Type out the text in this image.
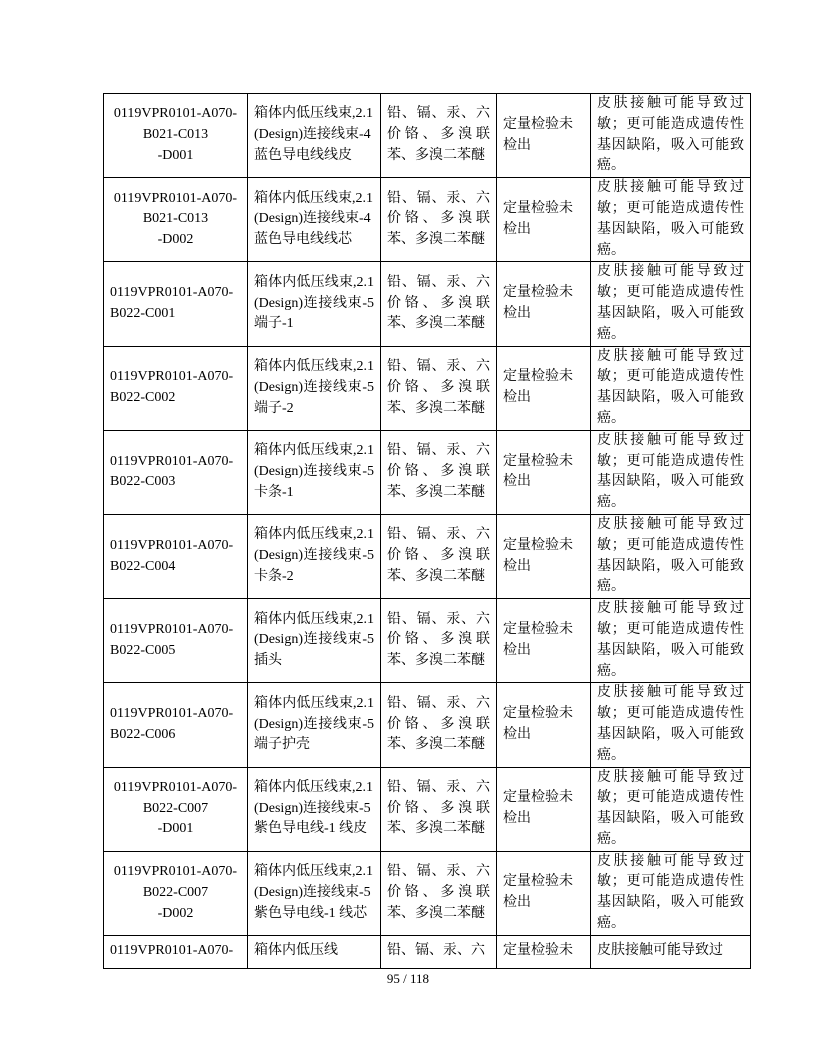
0119VPR0101-A070-
B021-C013
-D001	箱体内低压线束,2.1 (Design)连接线束-4 蓝色导电线线皮	铅、镉、汞、六价铬、多溴联苯、多溴二苯醚	定量检验未检出	皮肤接触可能导致过敏；更可能造成遗传性基因缺陷，吸入可能致癌。

0119VPR0101-A070-
B021-C013
-D002	箱体内低压线束,2.1 (Design)连接线束-4 蓝色导电线线芯	铅、镉、汞、六价铬、多溴联苯、多溴二苯醚	定量检验未检出	皮肤接触可能导致过敏；更可能造成遗传性基因缺陷，吸入可能致癌。

0119VPR0101-A070-
B022-C001	箱体内低压线束,2.1 (Design)连接线束-5 端子-1	铅、镉、汞、六价铬、多溴联苯、多溴二苯醚	定量检验未检出	皮肤接触可能导致过敏；更可能造成遗传性基因缺陷，吸入可能致癌。

0119VPR0101-A070-
B022-C002	箱体内低压线束,2.1 (Design)连接线束-5 端子-2	铅、镉、汞、六价铬、多溴联苯、多溴二苯醚	定量检验未检出	皮肤接触可能导致过敏；更可能造成遗传性基因缺陷，吸入可能致癌。

0119VPR0101-A070-
B022-C003	箱体内低压线束,2.1 (Design)连接线束-5 卡条-1	铅、镉、汞、六价铬、多溴联苯、多溴二苯醚	定量检验未检出	皮肤接触可能导致过敏；更可能造成遗传性基因缺陷，吸入可能致癌。

0119VPR0101-A070-
B022-C004	箱体内低压线束,2.1 (Design)连接线束-5 卡条-2	铅、镉、汞、六价铬、多溴联苯、多溴二苯醚	定量检验未检出	皮肤接触可能导致过敏；更可能造成遗传性基因缺陷，吸入可能致癌。

0119VPR0101-A070-
B022-C005	箱体内低压线束,2.1 (Design)连接线束-5 插头	铅、镉、汞、六价铬、多溴联苯、多溴二苯醚	定量检验未检出	皮肤接触可能导致过敏；更可能造成遗传性基因缺陷，吸入可能致癌。

0119VPR0101-A070-
B022-C006	箱体内低压线束,2.1 (Design)连接线束-5 端子护壳	铅、镉、汞、六价铬、多溴联苯、多溴二苯醚	定量检验未检出	皮肤接触可能导致过敏；更可能造成遗传性基因缺陷，吸入可能致癌。

0119VPR0101-A070-
B022-C007
-D001	箱体内低压线束,2.1 (Design)连接线束-5 紫色导电线-1 线皮	铅、镉、汞、六价铬、多溴联苯、多溴二苯醚	定量检验未检出	皮肤接触可能导致过敏；更可能造成遗传性基因缺陷，吸入可能致癌。

0119VPR0101-A070-
B022-C007
-D002	箱体内低压线束,2.1 (Design)连接线束-5 紫色导电线-1 线芯	铅、镉、汞、六价铬、多溴联苯、多溴二苯醚	定量检验未检出	皮肤接触可能导致过敏；更可能造成遗传性基因缺陷，吸入可能致癌。

0119VPR0101-A070-	箱体内低压线	铅、镉、汞、六	定量检验未	皮肤接触可能导致过
95 / 118
